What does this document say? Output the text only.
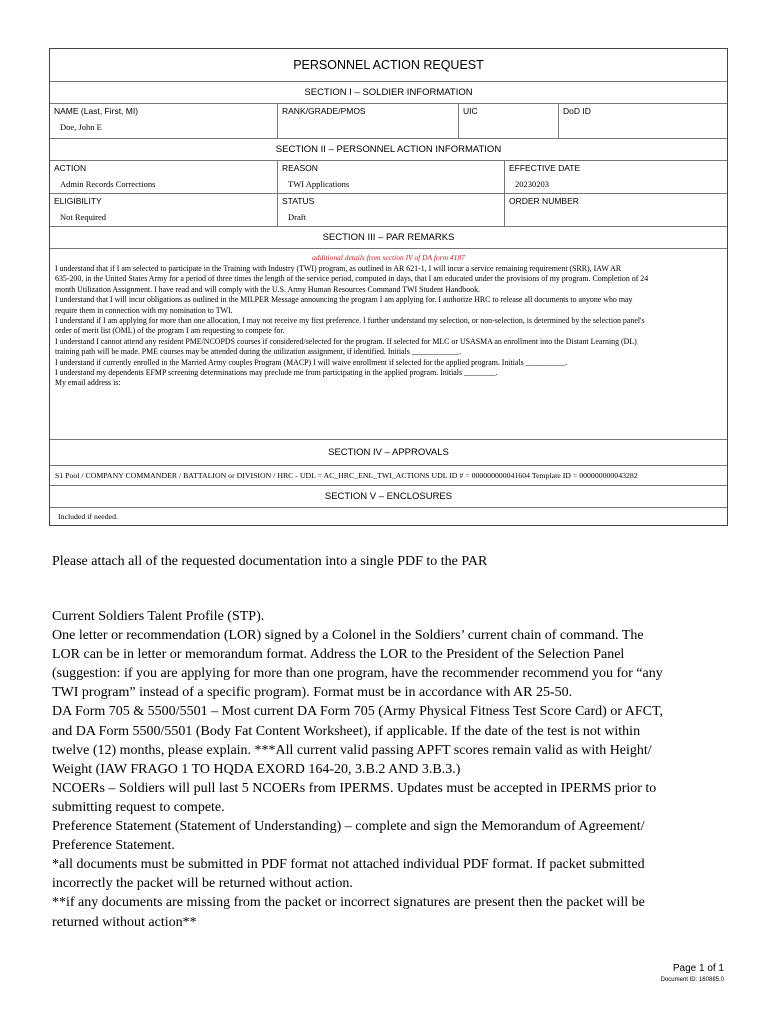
PERSONNEL ACTION REQUEST
SECTION I – SOLDIER INFORMATION
NAME (Last, First, MI)
Doe, John E
RANK/GRADE/PMOS	UIC	DoD ID
SECTION II – PERSONNEL ACTION INFORMATION
ACTION
Admin Records Corrections
REASON
TWI Applications
EFFECTIVE DATE
20230203
ELIGIBILITY
Not Required
STATUS
Draft
ORDER NUMBER
SECTION III – PAR REMARKS
additional details from section IV of DA form 4187
I understand that if I am selected to participate in the Training with Industry (TWI) program, as outlined in AR 621-1, I will incur a service remaining requirement (SRR), IAW AR
635-200, in the United States Army for a period of three times the length of the service period, computed in days, that I am educated under the provisions of my program. Completion of 24
month Utilization Assignment. I have read and will comply with the U.S. Army Human Resources Command TWI Student Handbook.
I understand that I will incur obligations as outlined in the MILPER Message announcing the program I am applying for. I authorize HRC to release all documents to anyone who may
require them in connection with my nomination to TWI.
I understand if I am applying for more than one allocation, I may not receive my first preference. I further understand my selection, or non-selection, is determined by the selection panel's
order of merit list (OML) of the program I am requesting to compete for.
I understand I cannot attend any resident PME/NCOPDS courses if considered/selected for the program. If selected for MLC or USASMA an enrollment into the Distant Learning (DL)
training path will be made. PME courses may be attended during the utilization assignment, if identified. Initials ____________.
I understand if currently enrolled in the Married Army couples Program (MACP) I will waive enrollment if selected for the applied program. Initials __________.
I understand my dependents EFMP screening determinations may preclude me from participating in the applied program. Initials ________.
My email address is:
SECTION IV – APPROVALS
S1 Pool / COMPANY COMMANDER / BATTALION or DIVISION / HRC - UDL = AC_HRC_ENL_TWI_ACTIONS UDL ID # = 000000000041604 Template ID = 000000000043282
SECTION V – ENCLOSURES
Included if needed.
Please attach all of the requested documentation into a single PDF to the PAR
Current Soldiers Talent Profile (STP).
One letter or recommendation (LOR) signed by a Colonel in the Soldiers’ current chain of command. The
LOR can be in letter or memorandum format. Address the LOR to the President of the Selection Panel
(suggestion: if you are applying for more than one program, have the recommender recommend you for “any
TWI program” instead of a specific program). Format must be in accordance with AR 25-50.
DA Form 705 & 5500/5501 – Most current DA Form 705 (Army Physical Fitness Test Score Card) or AFCT,
and DA Form 5500/5501 (Body Fat Content Worksheet), if applicable. If the date of the test is not within
twelve (12) months, please explain. ***All current valid passing APFT scores remain valid as with Height/
Weight (IAW FRAGO 1 TO HQDA EXORD 164-20, 3.B.2 AND 3.B.3.)
NCOERs – Soldiers will pull last 5 NCOERs from IPERMS. Updates must be accepted in IPERMS prior to
submitting request to compete.
Preference Statement (Statement of Understanding) – complete and sign the Memorandum of Agreement/
Preference Statement.
*all documents must be submitted in PDF format not attached individual PDF format. If packet submitted
incorrectly the packet will be returned without action.
**if any documents are missing from the packet or incorrect signatures are present then the packet will be
returned without action**
Page 1 of 1
Document ID: 160885.0
